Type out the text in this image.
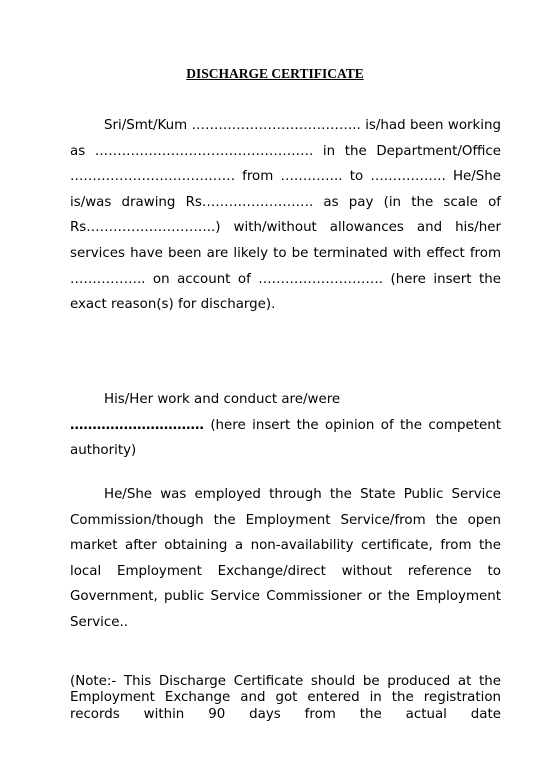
DISCHARGE CERTIFICATE
Sri/Smt/Kum ……………………………….. is/had been working as …………………………………………. in the Department/Office ………………………………. from ………….. to …………….. He/She is/was drawing Rs……………………. as pay (in the scale of Rs………………………..) with/without allowances and his/her services have been are likely to be terminated with effect from …………….. on account of ………………………. (here insert the exact reason(s) for discharge).
His/Her work and conduct are/were
………………………… (here insert the opinion of the competent authority)
He/She was employed through the State Public Service Commission/though the Employment Service/from the open market after obtaining a non-availability certificate, from the local Employment Exchange/direct without reference to Government, public Service Commissioner or the Employment Service..
(Note:- This Discharge Certificate should be produced at the Employment Exchange and got entered in the registration records within 90 days from the actual date
